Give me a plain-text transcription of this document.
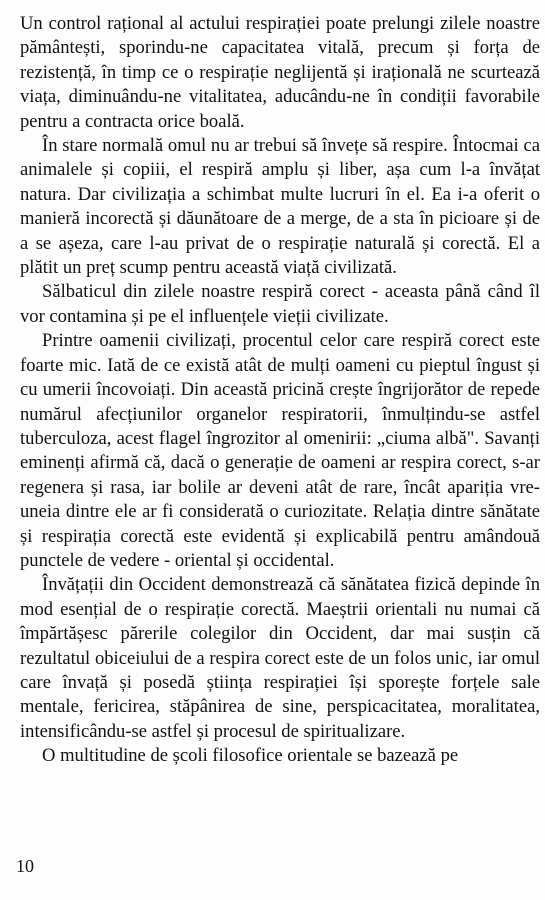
Un control rațional al actului respirației poate prelungi zilele noastre pământești, sporindu-ne capacitatea vitală, precum și forța de rezistență, în timp ce o respirație neglijentă și irațională ne scurtează viața, diminuându-ne vitalitatea, aducându-ne în condiții favorabile pentru a contracta orice boală.

În stare normală omul nu ar trebui să învețe să respire. Întocmai ca animalele și copiii, el respiră amplu și liber, așa cum l-a învățat natura. Dar civilizația a schimbat multe lucruri în el. Ea i-a oferit o manieră incorectă și dăunătoare de a merge, de a sta în picioare și de a se așeza, care l-au privat de o respirație naturală și corectă. El a plătit un preț scump pentru această viață civilizată.

Sălbaticul din zilele noastre respiră corect - aceasta până când îl vor contamina și pe el influențele vieții civilizate.

Printre oamenii civilizați, procentul celor care respiră corect este foarte mic. Iată de ce există atât de mulți oameni cu pieptul îngust și cu umerii încovoiați. Din această pricină crește îngrijorător de repede numărul afecțiunilor organelor respiratorii, înmulțindu-se astfel tuberculoza, acest flagel îngrozitor al omenirii: „ciuma albă". Savanți eminenți afirmă că, dacă o generație de oameni ar respira corect, s-ar regenera și rasa, iar bolile ar deveni atât de rare, încât apariția vreuneia dintre ele ar fi considerată o curiozitate. Relația dintre sănătate și respirația corectă este evidentă și explicabilă pentru amândouă punctele de vedere - oriental și occidental.

Învățații din Occident demonstrează că sănătatea fizică depinde în mod esențial de o respirație corectă. Maeștrii orientali nu numai că împărtășesc părerile colegilor din Occident, dar mai susțin că rezultatul obiceiului de a respira corect este de un folos unic, iar omul care învață și posedă știința respirației își sporește forțele sale mentale, fericirea, stăpânirea de sine, perspicacitatea, moralitatea, intensificându-se astfel și procesul de spiritualizare.

O multitudine de școli filosofice orientale se bazează pe

10
